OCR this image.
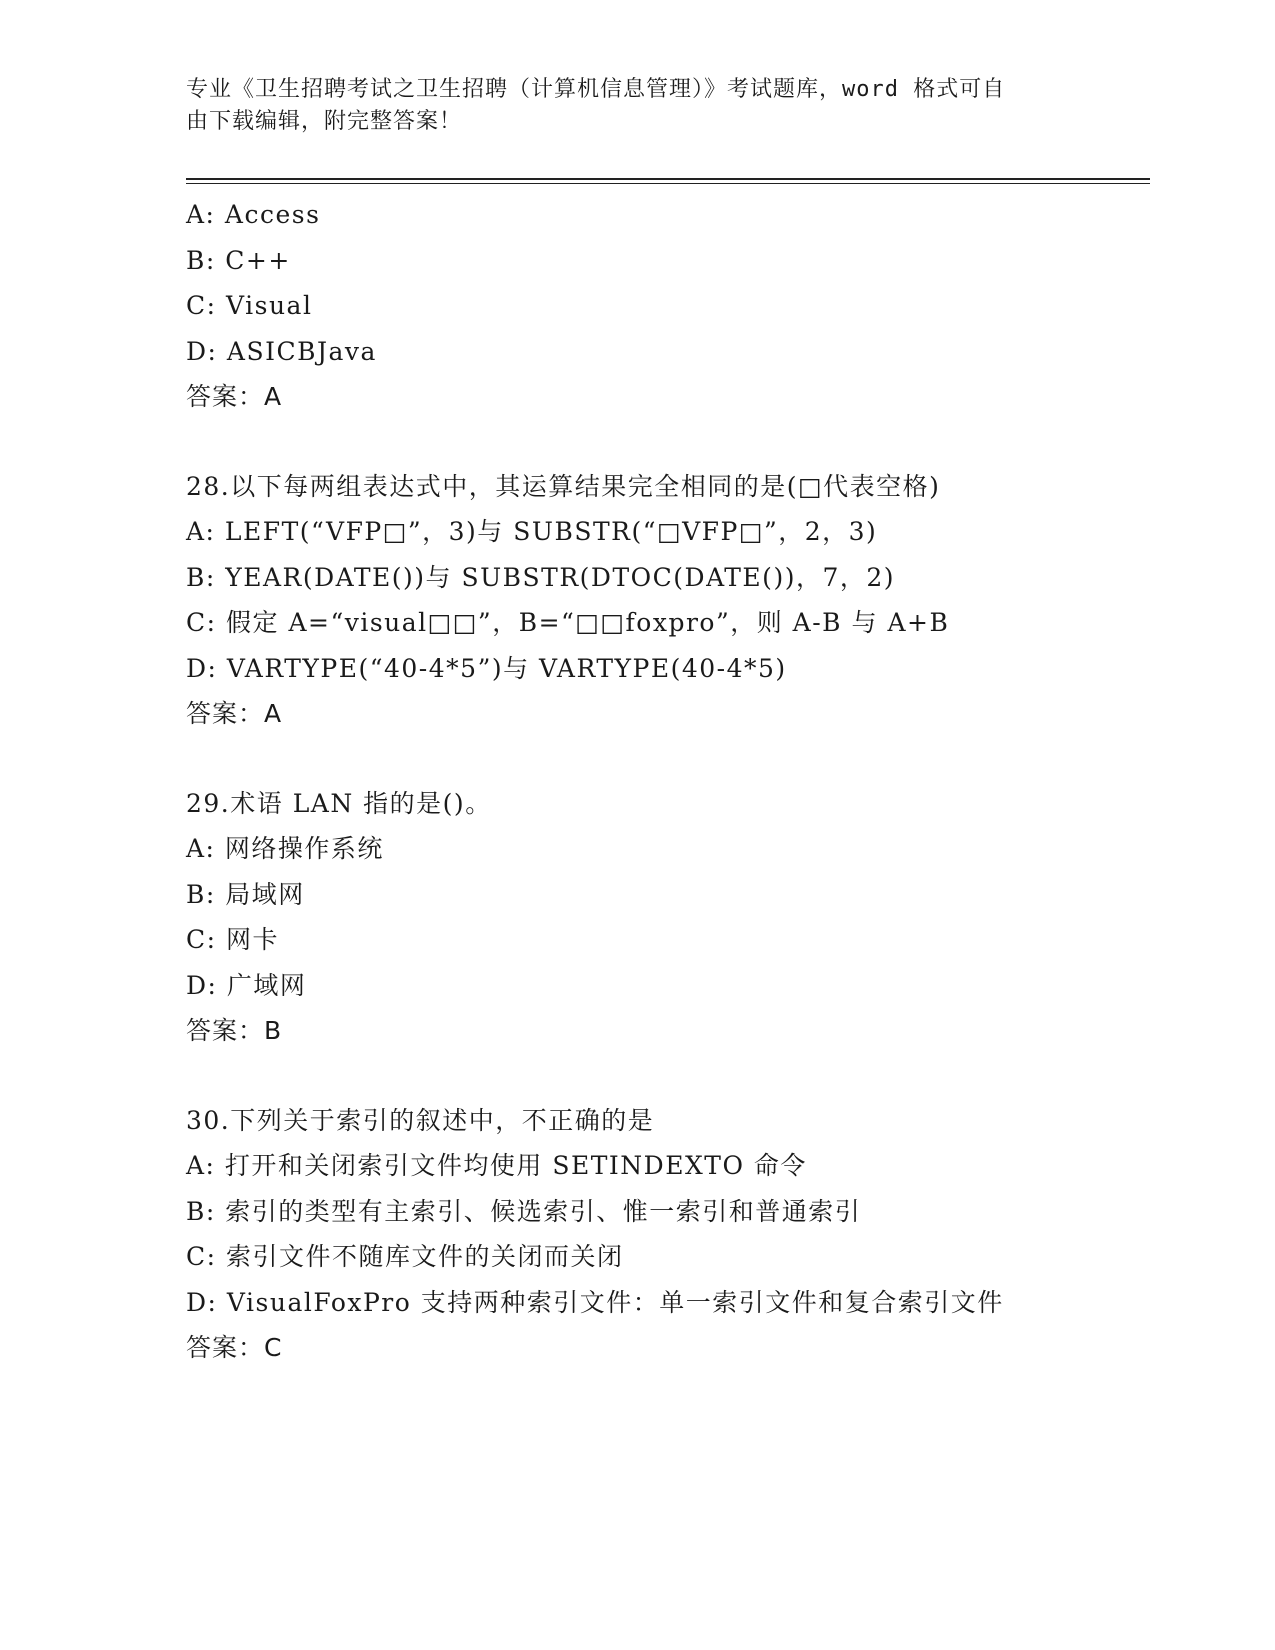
专业《卫生招聘考试之卫生招聘（计算机信息管理）》考试题库，word 格式可自
由下载编辑，附完整答案！
A: Access
B: C++
C: Visual
D: ASICBJava
答案：A
28.以下每两组表达式中，其运算结果完全相同的是(□代表空格)
A: LEFT(“VFP□”，3)与 SUBSTR(“□VFP□”，2，3)
B: YEAR(DATE())与 SUBSTR(DTOC(DATE())，7，2)
C: 假定 A=“visual□□”，B=“□□foxpro”，则 A-B 与 A+B
D: VARTYPE(“40-4*5”)与 VARTYPE(40-4*5)
答案：A
29.术语 LAN 指的是()。
A: 网络操作系统
B: 局域网
C: 网卡
D: 广域网
答案：B
30.下列关于索引的叙述中，不正确的是
A: 打开和关闭索引文件均使用 SETINDEXTO 命令
B: 索引的类型有主索引、候选索引、惟一索引和普通索引
C: 索引文件不随库文件的关闭而关闭
D: VisualFoxPro 支持两种索引文件：单一索引文件和复合索引文件
答案：C
